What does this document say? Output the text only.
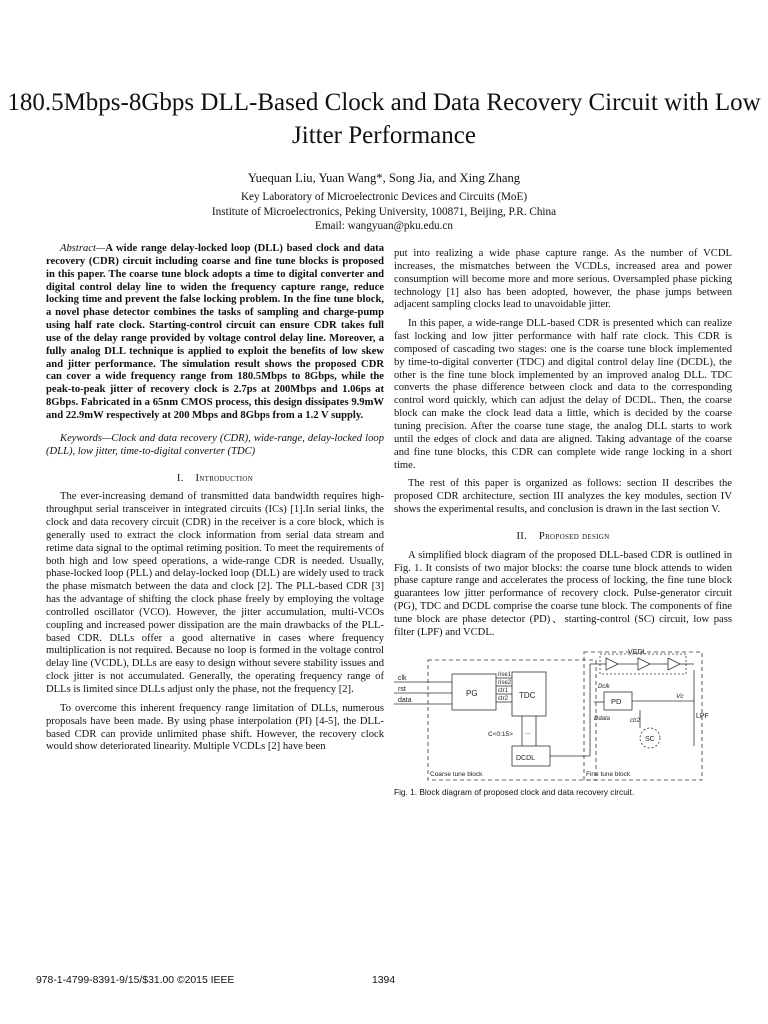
180.5Mbps-8Gbps DLL-Based Clock and Data Recovery Circuit with Low Jitter Performance
Yuequan Liu, Yuan Wang*, Song Jia, and Xing Zhang
Key Laboratory of Microelectronic Devices and Circuits (MoE)
Institute of Microelectronics, Peking University, 100871, Beijing, P.R. China
Email: wangyuan@pku.edu.cn

Abstract—A wide range delay-locked loop (DLL) based clock and data recovery (CDR) circuit including coarse and fine tune blocks is proposed in this paper. The coarse tune block adopts a time to digital converter and digital control delay line to widen the frequency capture range, reduce locking time and prevent the false locking problem. In the fine tune block, a novel phase detector combines the tasks of sampling and charge-pump using half rate clock. Starting-control circuit can ensure CDR takes full use of the delay range provided by voltage control delay line. Moreover, a fully analog DLL technique is applied to exploit the benefits of low skew and jitter performance. The simulation result shows the proposed CDR can cover a wide frequency range from 180.5Mbps to 8Gbps, while the peak-to-peak jitter of recovery clock is 2.7ps at 200Mbps and 1.06ps at 8Gbps. Fabricated in a 65nm CMOS process, this design dissipates 9.9mW and 22.9mW respectively at 200 Mbps and 8Gbps from a 1.2 V supply.

Keywords—Clock and data recovery (CDR), wide-range, delay-locked loop (DLL), low jitter, time-to-digital converter (TDC)

I. Introduction

The ever-increasing demand of transmitted data bandwidth requires high-throughput serial transceiver in integrated circuits (ICs) [1].In serial links, the clock and data recovery circuit (CDR) in the receiver is a core block, which is generally used to extract the clock information from serial data stream and retime data signal to the optimal retiming position. To meet the requirements of both high and low speed operations, a wide-range CDR is needed. Usually, phase-locked loop (PLL) and delay-locked loop (DLL) are widely used to track the phase mismatch between the data and clock [2]. The PLL-based CDR [3] has the advantage of shifting the clock phase freely by employing the voltage controlled oscillator (VCO). However, the jitter accumulation, multi-VCOs coupling and increased power dissipation are the main drawbacks of the PLL-based CDR. DLLs offer a good alternative in cases where frequency multiplication is not required. Because no loop is formed in the voltage control delay line (VCDL), DLLs are easy to design without severe stability issues and clock jitter is not accumulated. Generally, the operating frequency range of DLLs is limited since DLLs adjust only the phase, not the frequency [2].

To overcome this inherent frequency range limitation of DLLs, numerous proposals have been made. By using phase interpolation (PI) [4-5], the DLL-based CDR can provide unlimited phase shift. However, the recovery clock would show deteriorated linearity. Multiple VCDLs [2] have been

put into realizing a wide phase capture range. As the number of VCDL increases, the mismatches between the VCDLs, increased area and power consumption will become more and more serious. Oversampled phase picking technology [1] also has been adopted, however, the phase jumps between adjacent sampling clocks lead to unavoidable jitter.

In this paper, a wide-range DLL-based CDR is presented which can realize fast locking and low jitter performance with half rate clock. This CDR is composed of cascading two stages: one is the coarse tune block implemented by time-to-digital converter (TDC) and digital control delay line (DCDL), the other is the fine tune block implemented by an improved analog DLL. TDC converts the phase difference between clock and data to the corresponding control word quickly, which can adjust the delay of DCDL. Then, the coarse block can make the clock lead data a little, which is decided by the coarse tuning precision. After the coarse tune stage, the analog DLL starts to work until the edges of clock and data are aligned. Taking advantage of the coarse and fine tune blocks, this CDR can complete wide range locking in a short time.

The rest of this paper is organized as follows: section II describes the proposed CDR architecture, section III analyzes the key modules, section IV shows the experimental results, and conclusion is drawn in the last section V.

II. Proposed design

A simplified block diagram of the proposed DLL-based CDR is outlined in Fig. 1. It consists of two major blocks: the coarse tune block attends to widen phase capture range and accelerates the process of locking, the fine tune block guarantees low jitter performance of recovery clock. Pulse-generator circuit (PG), TDC and DCDL comprise the coarse tune block. The components of fine tune block are phase detector (PD)、starting-control (SC) circuit, low pass filter (LPF) and VCDL.

clk
rst
data
PG	TDC
DCDL
rise1
rise2
ctr1
ctr2
C<0:15> ...
PD
SC
VCDL
LPF
Dclk
Ddata	ctr2
Vc
Coarse tune block	Fine tune block
Fig. 1. Block diagram of proposed clock and data recovery circuit.
978-1-4799-8391-9/15/$31.00 ©2015 IEEE	1394
